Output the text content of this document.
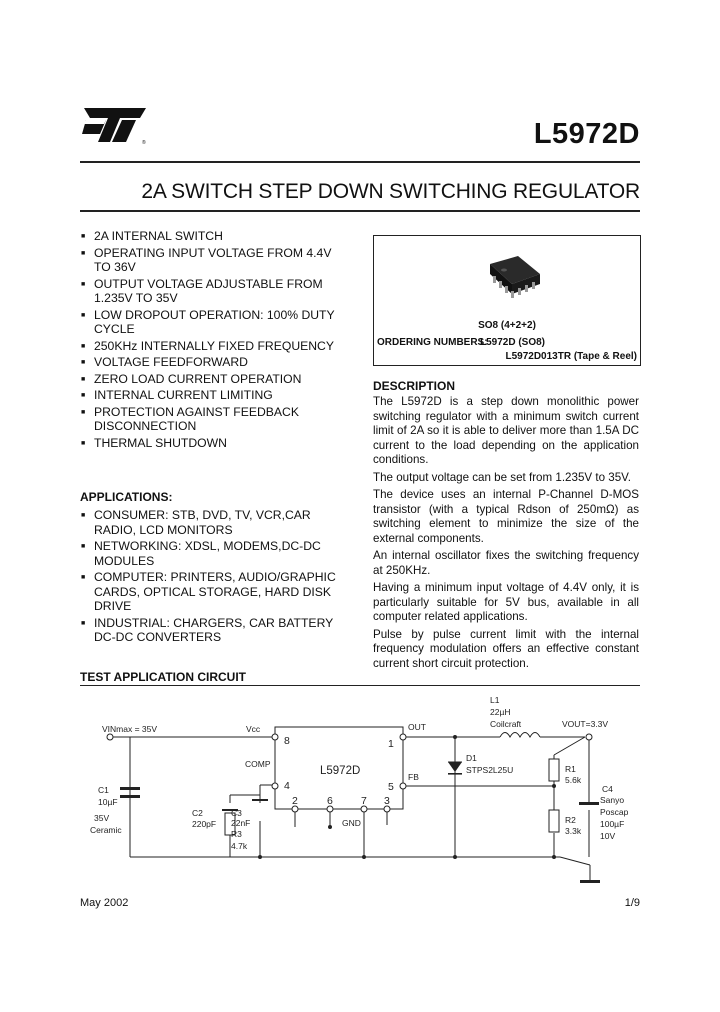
®	L5972D
2A SWITCH STEP DOWN SWITCHING REGULATOR
■ 2A INTERNAL SWITCH
■ OPERATING INPUT VOLTAGE FROM 4.4V TO 36V
■ OUTPUT VOLTAGE ADJUSTABLE FROM 1.235V TO 35V
■ LOW DROPOUT OPERATION: 100% DUTY CYCLE
■ 250KHz INTERNALLY FIXED FREQUENCY
■ VOLTAGE FEEDFORWARD
■ ZERO LOAD CURRENT OPERATION
■ INTERNAL CURRENT LIMITING
■ PROTECTION AGAINST FEEDBACK DISCONNECTION
■ THERMAL SHUTDOWN
APPLICATIONS:
■ CONSUMER: STB, DVD, TV, VCR,CAR RADIO, LCD MONITORS
■ NETWORKING: XDSL, MODEMS,DC-DC MODULES
■ COMPUTER: PRINTERS, AUDIO/GRAPHIC CARDS, OPTICAL STORAGE, HARD DISK DRIVE
■ INDUSTRIAL: CHARGERS, CAR BATTERY DC-DC CONVERTERS
SO8 (4+2+2)
ORDERING NUMBERS:
L5972D (SO8)
L5972D013TR (Tape & Reel)
DESCRIPTION

The L5972D is a step down monolithic power switching regulator with a minimum switch current limit of 2A so it is able to deliver more than 1.5A DC current to the load depending on the application conditions.

The output voltage can be set from 1.235V to 35V.

The device uses an internal P-Channel D-MOS transistor (with a typical Rdson of 250mΩ) as switching element to minimize the size of the external components.

An internal oscillator fixes the switching frequency at 250KHz.

Having a minimum input voltage of 4.4V only, it is particularly suitable for 5V bus, available in all computer related applications.

Pulse by pulse current limit with the internal frequency modulation offers an effective constant current short circuit protection.

TEST APPLICATION CIRCUIT
VINmax = 35V	Vcc
COMP
L5972D
OUT
FB
GND
8
4
2	6	7
1
5
3
L1
22µH
Coilcraft
D1
STPS2L25U
VOUT=3.3V
R1
5.6k
R2
3.3k
C4
Sanyo
Poscap
100µF
10V
C1
10µF
35V
Ceramic
C2
220pF
C3
22nF
R3
4.7k
May 2002	1/9
